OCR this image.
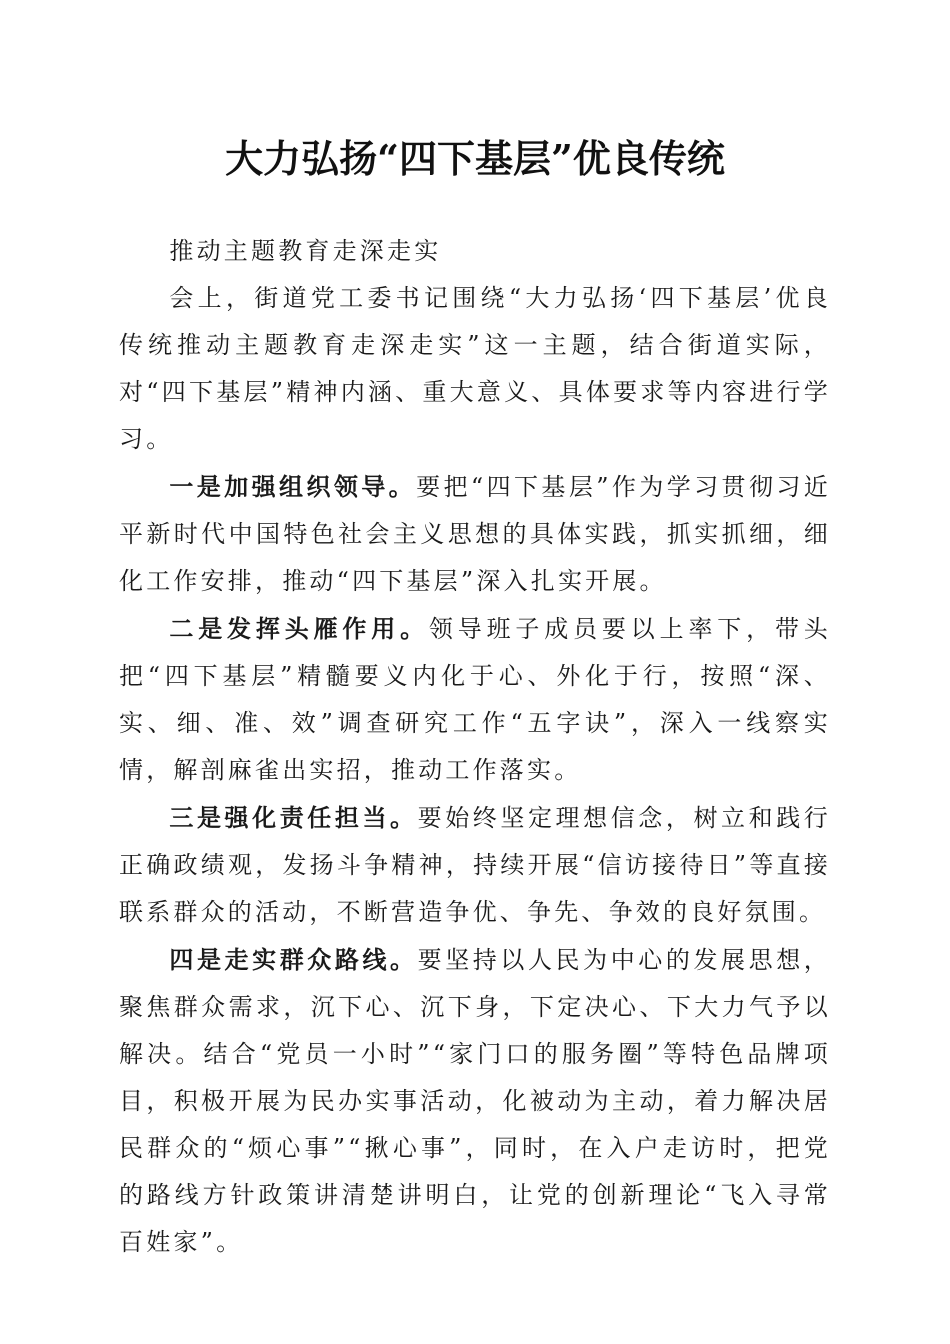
大力弘扬“四下基层”优良传统

推动主题教育走深走实

会上，街道党工委书记围绕“大力弘扬‘四下基层’优良传统推动主题教育走深走实”这一主题，结合街道实际，对“四下基层”精神内涵、重大意义、具体要求等内容进行学习。

一是加强组织领导。要把“四下基层”作为学习贯彻习近平新时代中国特色社会主义思想的具体实践，抓实抓细，细化工作安排，推动“四下基层”深入扎实开展。

二是发挥头雁作用。领导班子成员要以上率下，带头把“四下基层”精髓要义内化于心、外化于行，按照“深、实、细、准、效”调查研究工作“五字诀”，深入一线察实情，解剖麻雀出实招，推动工作落实。

三是强化责任担当。要始终坚定理想信念，树立和践行正确政绩观，发扬斗争精神，持续开展“信访接待日”等直接联系群众的活动，不断营造争优、争先、争效的良好氛围。

四是走实群众路线。要坚持以人民为中心的发展思想，聚焦群众需求，沉下心、沉下身，下定决心、下大力气予以解决。结合“党员一小时”“家门口的服务圈”等特色品牌项目，积极开展为民办实事活动，化被动为主动，着力解决居民群众的“烦心事”“揪心事”，同时，在入户走访时，把党的路线方针政策讲清楚讲明白，让党的创新理论“飞入寻常百姓家”。
